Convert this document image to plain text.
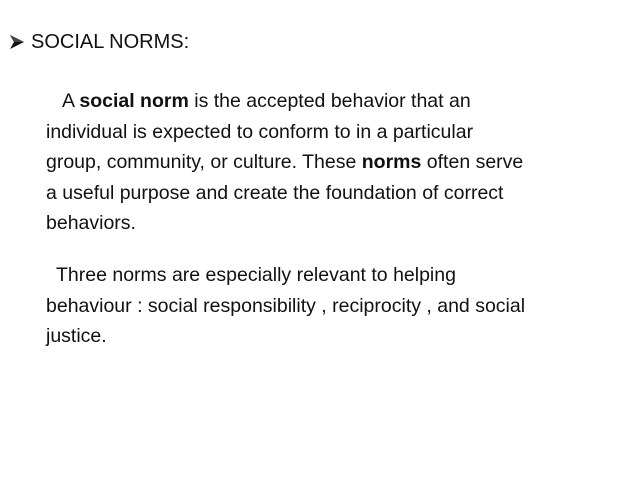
SOCIAL NORMS:
A social norm is the accepted behavior that an
individual is expected to conform to in a particular
group, community, or culture. These norms often serve
a useful purpose and create the foundation of correct
behaviors.
Three norms are especially relevant to helping
behaviour : social responsibility , reciprocity , and social
justice.
